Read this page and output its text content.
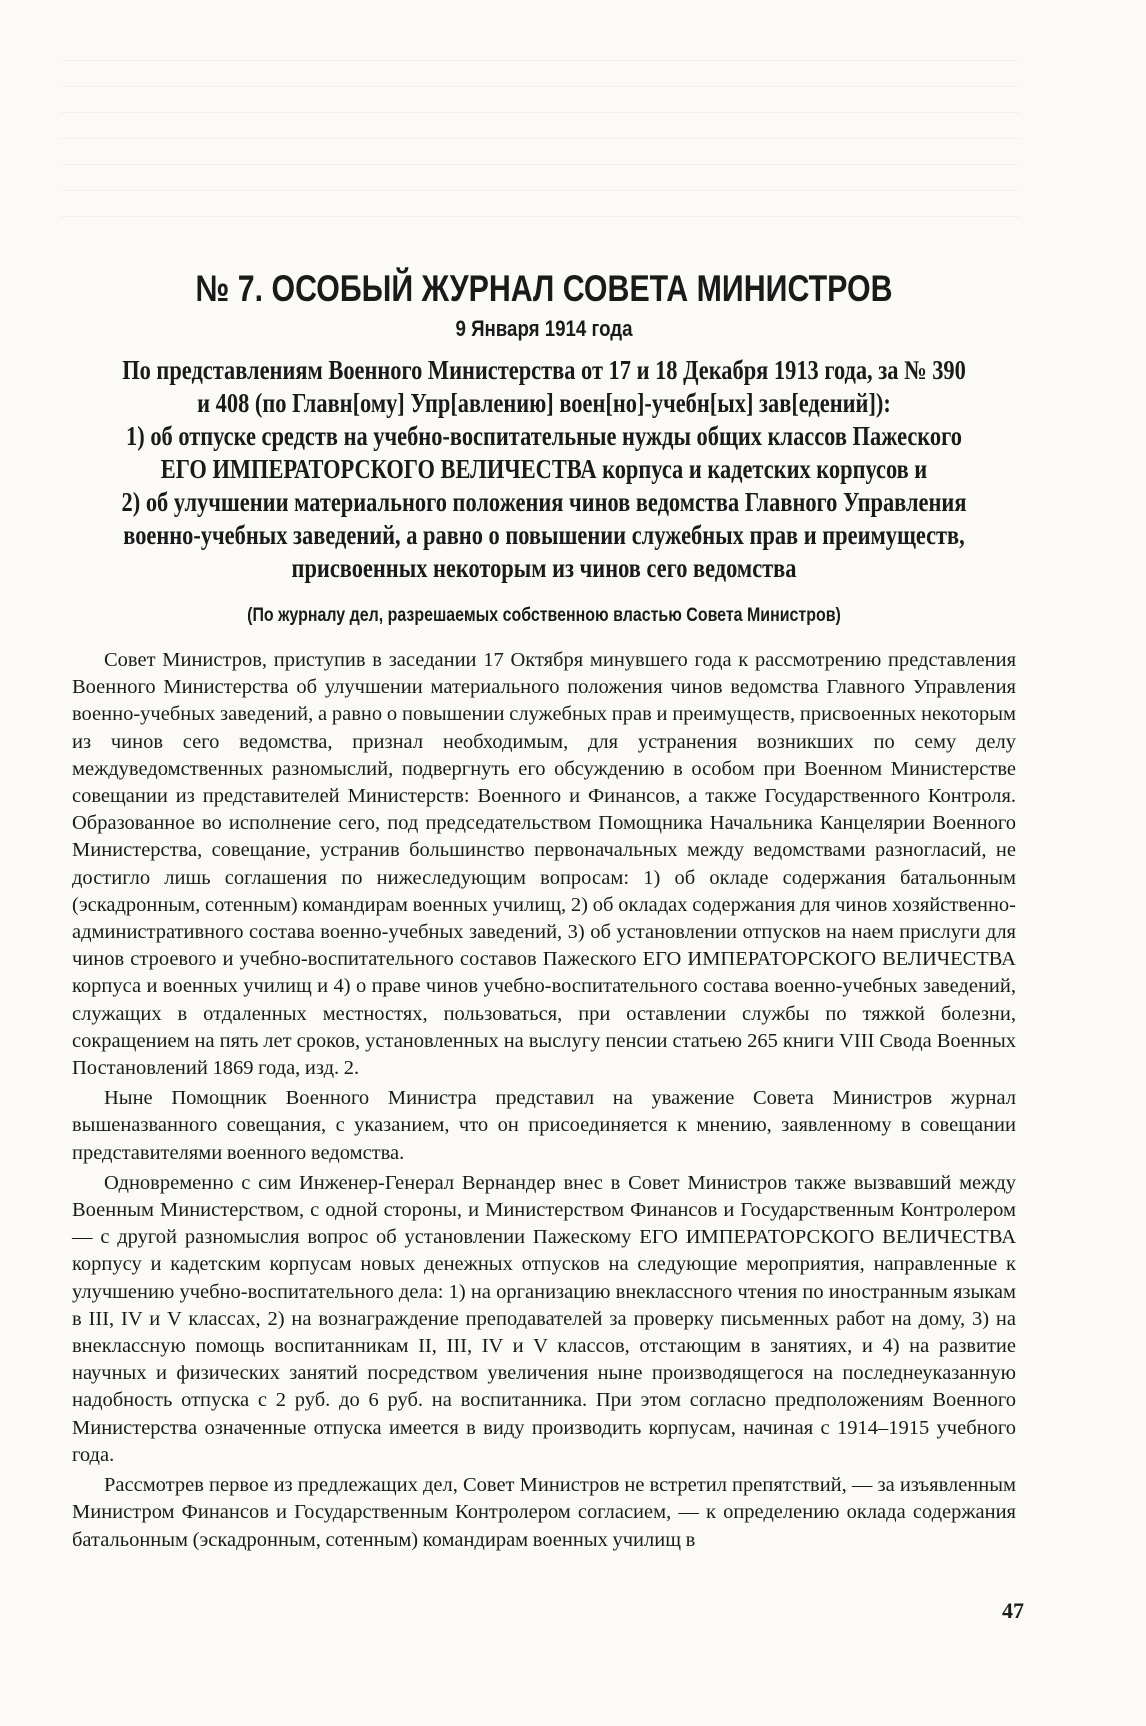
№ 7. ОСОБЫЙ ЖУРНАЛ СОВЕТА МИНИСТРОВ
9 Января 1914 года
По представлениям Военного Министерства от 17 и 18 Декабря 1913 года, за № 390
и 408 (по Главн[ому] Упр[авлению] воен[но]-учебн[ых] зав[едений]):
1) об отпуске средств на учебно-воспитательные нужды общих классов Пажеского
ЕГО ИМПЕРАТОРСКОГО ВЕЛИЧЕСТВА корпуса и кадетских корпусов и
2) об улучшении материального положения чинов ведомства Главного Управления
военно-учебных заведений, а равно о повышении служебных прав и преимуществ,
присвоенных некоторым из чинов сего ведомства
(По журналу дел, разрешаемых собственною властью Совета Министров)

Совет Министров, приступив в заседании 17 Октября минувшего года к рассмотрению представления Военного Министерства об улучшении материального положения чинов ведомства Главного Управления военно-учебных заведений, а равно о повышении служебных прав и преимуществ, присвоенных некоторым из чинов сего ведомства, признал необходимым, для устранения возникших по сему делу междуведомственных разномыслий, подвергнуть его обсуждению в особом при Военном Министерстве совещании из представителей Министерств: Военного и Финансов, а также Государственного Контроля. Образованное во исполнение сего, под председательством Помощника Начальника Канцелярии Военного Министерства, совещание, устранив большинство первоначальных между ведомствами разногласий, не достигло лишь соглашения по нижеследующим вопросам: 1) об окладе содержания батальонным (эскадронным, сотенным) командирам военных училищ, 2) об окладах содержания для чинов хозяйственно-административного состава военно-учебных заведений, 3) об установлении отпусков на наем прислуги для чинов строевого и учебно-воспитательного составов Пажеского ЕГО ИМПЕРАТОРСКОГО ВЕЛИЧЕСТВА корпуса и военных училищ и 4) о праве чинов учебно-воспитательного состава военно-учебных заведений, служащих в отдаленных местностях, пользоваться, при оставлении службы по тяжкой болезни, сокращением на пять лет сроков, установленных на выслугу пенсии статьею 265 книги VIII Свода Военных Постановлений 1869 года, изд. 2.

Ныне Помощник Военного Министра представил на уважение Совета Министров журнал вышеназванного совещания, с указанием, что он присоединяется к мнению, заявленному в совещании представителями военного ведомства.

Одновременно с сим Инженер-Генерал Вернандер внес в Совет Министров также вызвавший между Военным Министерством, с одной стороны, и Министерством Финансов и Государственным Контролером — с другой разномыслия вопрос об установлении Пажескому ЕГО ИМПЕРАТОРСКОГО ВЕЛИЧЕСТВА корпусу и кадетским корпусам новых денежных отпусков на следующие мероприятия, направленные к улучшению учебно-воспитательного дела: 1) на организацию внеклассного чтения по иностранным языкам в III, IV и V классах, 2) на вознаграждение преподавателей за проверку письменных работ на дому, 3) на внеклассную помощь воспитанникам II, III, IV и V классов, отстающим в занятиях, и 4) на развитие научных и физических занятий посредством увеличения ныне производящегося на последнеуказанную надобность отпуска с 2 руб. до 6 руб. на воспитанника. При этом согласно предположениям Военного Министерства означенные отпуска имеется в виду производить корпусам, начиная с 1914–1915 учебного года.

Рассмотрев первое из предлежащих дел, Совет Министров не встретил препятствий, — за изъявленным Министром Финансов и Государственным Контролером согласием, — к определению оклада содержания батальонным (эскадронным, сотенным) командирам военных училищ в

47
